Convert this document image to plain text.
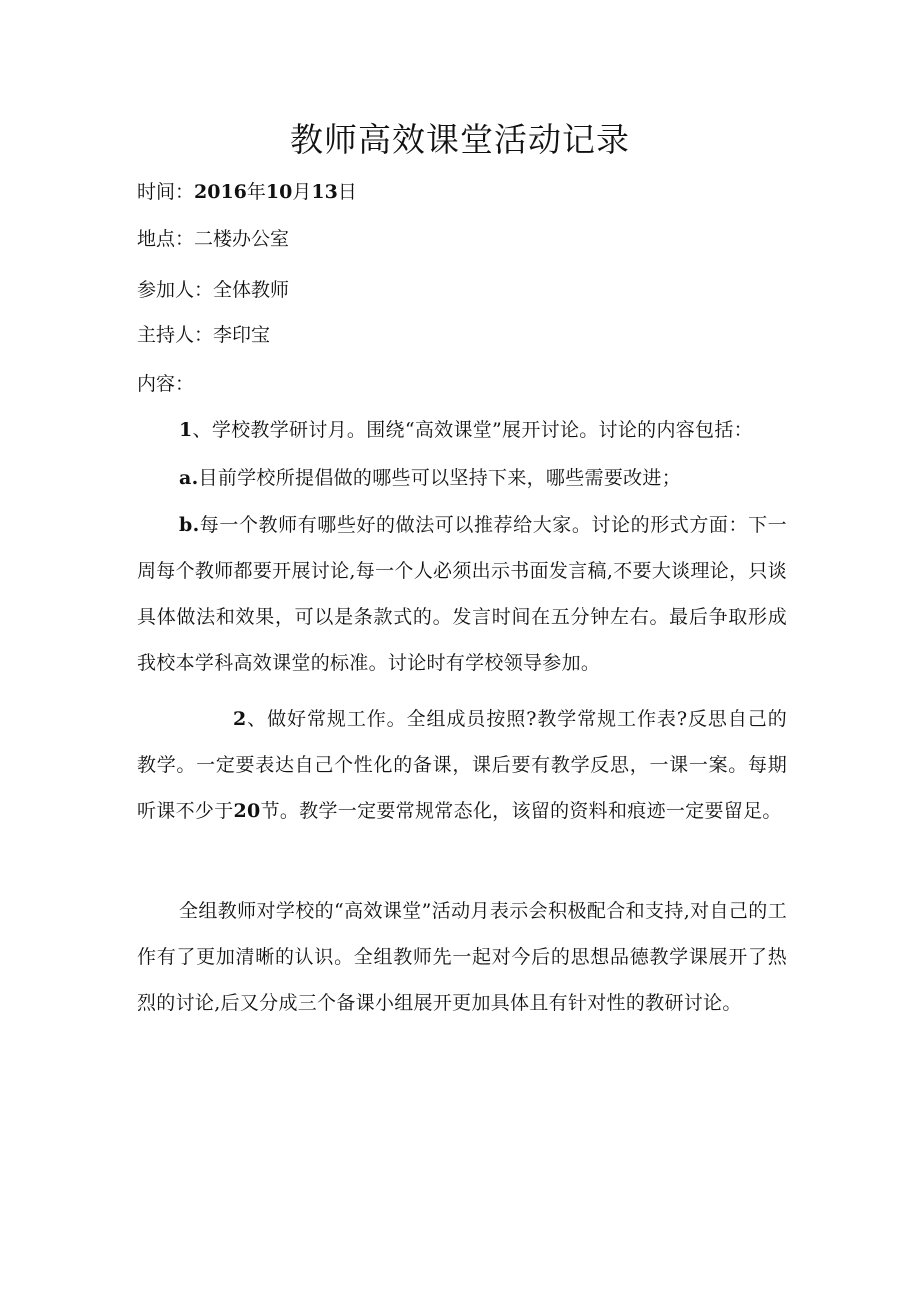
教师高效课堂活动记录

时间：2016年10月13日

地点：二楼办公室

参加人：全体教师

主持人：李印宝

内容：

1、学校教学研讨月。围绕“高效课堂”展开讨论。讨论的内容包括：

a.目前学校所提倡做的哪些可以坚持下来，哪些需要改进；

b.每一个教师有哪些好的做法可以推荐给大家。讨论的形式方面：下一周每个教师都要开展讨论,每一个人必须出示书面发言稿,不要大谈理论，只谈具体做法和效果，可以是条款式的。发言时间在五分钟左右。最后争取形成我校本学科高效课堂的标准。讨论时有学校领导参加。

2、做好常规工作。全组成员按照?教学常规工作表?反思自己的教学。一定要表达自己个性化的备课，课后要有教学反思，一课一案。每期听课不少于20节。教学一定要常规常态化，该留的资料和痕迹一定要留足。

全组教师对学校的“高效课堂”活动月表示会积极配合和支持,对自己的工作有了更加清晰的认识。全组教师先一起对今后的思想品德教学课展开了热烈的讨论,后又分成三个备课小组展开更加具体且有针对性的教研讨论。
